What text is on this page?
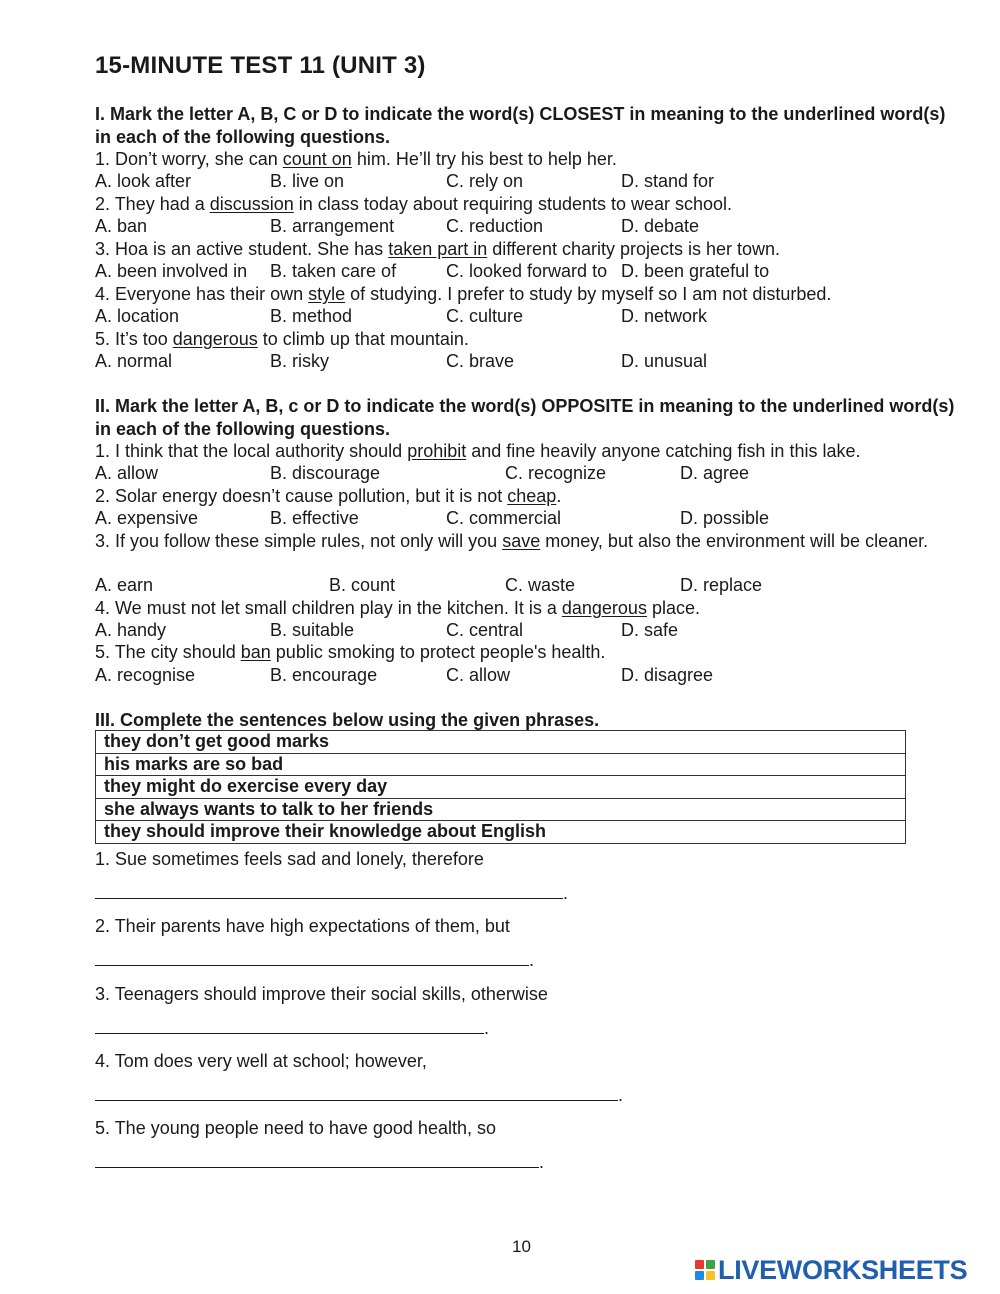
15-MINUTE TEST 11 (UNIT 3)
I. Mark the letter A, B, C or D to indicate the word(s) CLOSEST in meaning to the underlined word(s) in each of the following questions.
1. Don’t worry, she can count on him. He’ll try his best to help her.
A. look after	B. live on	C. rely on	D. stand for
2. They had a discussion in class today about requiring students to wear school.
A. ban	B. arrangement	C. reduction	D. debate
3. Hoa is an active student. She has taken part in different charity projects is her town.
A. been involved in B. taken care of	C. looked forward to D. been grateful to
4. Everyone has their own style of studying. I prefer to study by myself so I am not disturbed.
A. location	B. method	C. culture	D. network
5. It’s too dangerous to climb up that mountain.
A. normal	B. risky	C. brave	D. unusual
II. Mark the letter A, B, c or D to indicate the word(s) OPPOSITE in meaning to the underlined word(s) in each of the following questions.
1. I think that the local authority should prohibit and fine heavily anyone catching fish in this lake.
A. allow	B. discourage	C. recognize	D. agree
2. Solar energy doesn’t cause pollution, but it is not cheap.
A. expensive	B. effective	C. commercial	D. possible
3. If you follow these simple rules, not only will you save money, but also the environment will be cleaner.
A. earn	B. count	C. waste	D. replace
4. We must not let small children play in the kitchen. It is a dangerous place.
A. handy	B. suitable	C. central	D. safe
5. The city should ban public smoking to protect people's health.
A. recognise	B. encourage	C. allow	D. disagree
III. Complete the sentences below using the given phrases.
they don’t get good marks
his marks are so bad
they might do exercise every day
she always wants to talk to her friends
they should improve their knowledge about English
1. Sue sometimes feels sad and lonely, therefore
.
2. Their parents have high expectations of them, but
.
3. Teenagers should improve their social skills, otherwise
.
4. Tom does very well at school; however,
.
5. The young people need to have good health, so
.
10
LIVEWORKSHEETS
